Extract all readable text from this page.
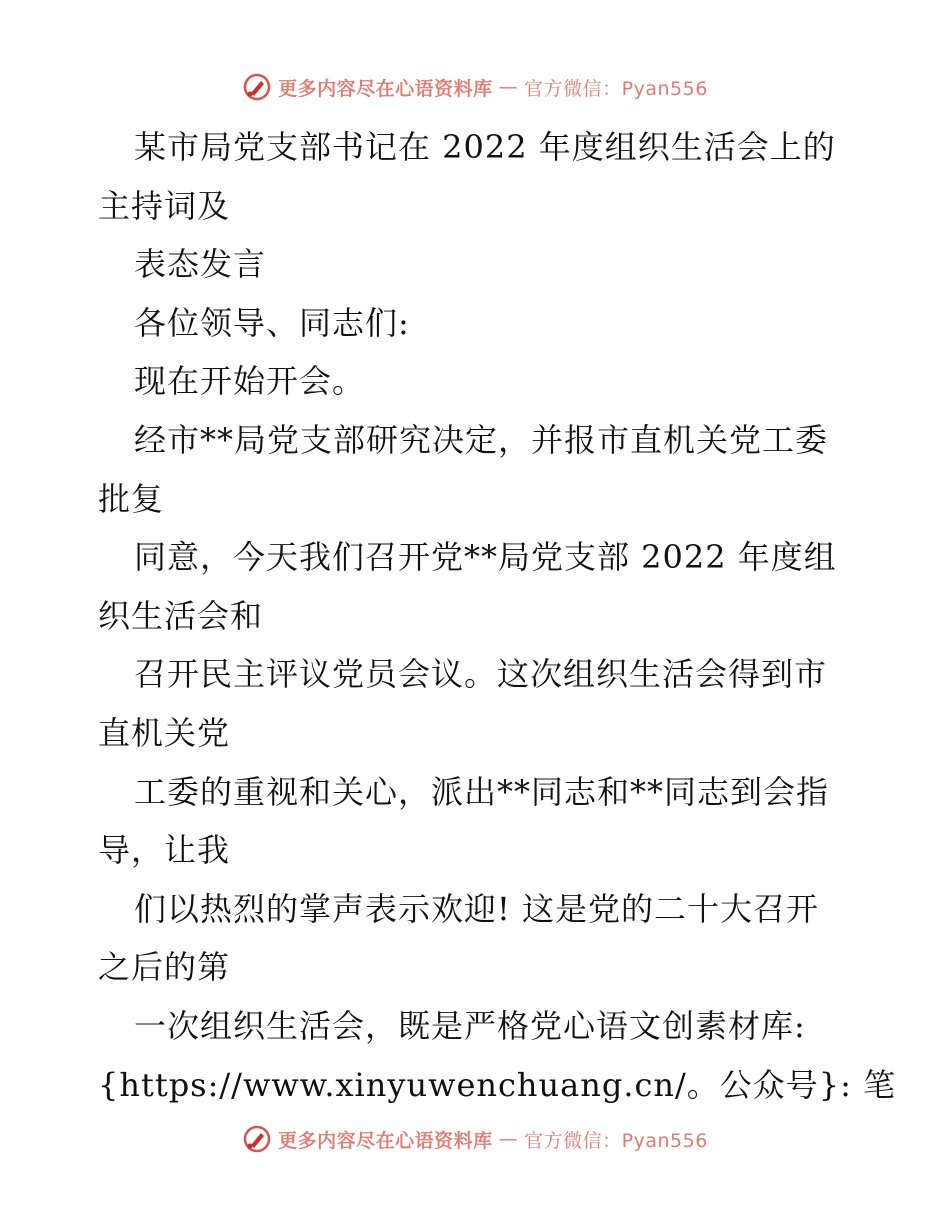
更多内容尽在心语资料库 — 官方微信：Pyan556
某市局党支部书记在 2022 年度组织生活会上的
主持词及
表态发言
各位领导、同志们:
现在开始开会。
经市**局党支部研究决定，并报市直机关党工委
批复
同意，今天我们召开党**局党支部 2022 年度组
织生活会和
召开民主评议党员会议。这次组织生活会得到市
直机关党
工委的重视和关心，派出**同志和**同志到会指
导，让我
们以热烈的掌声表示欢迎! 这是党的二十大召开
之后的第
一次组织生活会，既是严格党心语文创素材库:
{https://www.xinyuwenchuang.cn/。公众号}: 笔
更多内容尽在心语资料库 — 官方微信：Pyan556
